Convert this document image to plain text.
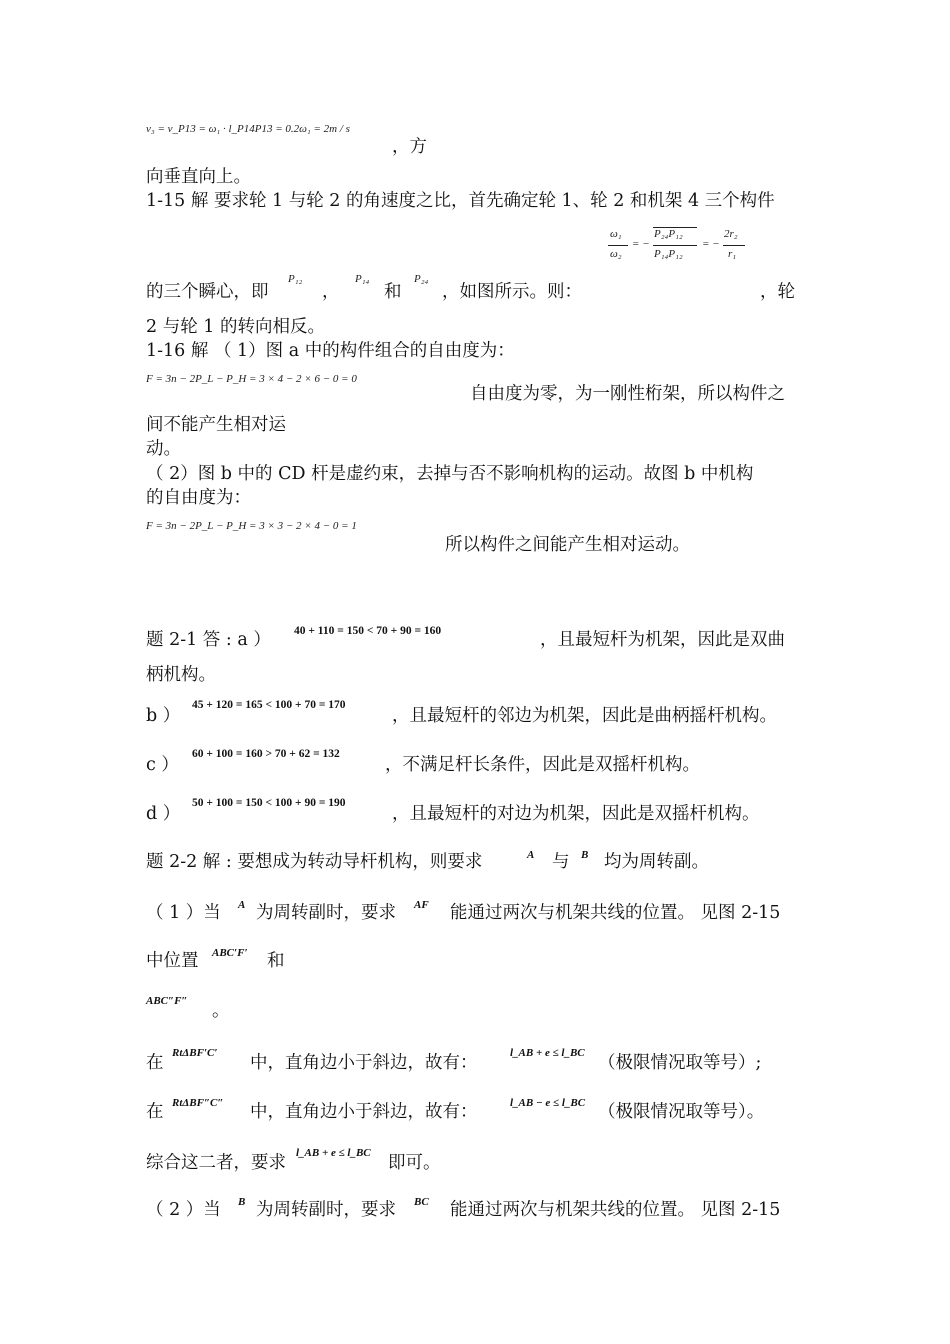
v₃ = v_P13 = ω₁ · l_P14P13 = 0.2ω₁ = 2m / s
，方
向垂直向上。
1-15 解 要求轮 1 与轮 2 的角速度之比，首先确定轮 1、轮 2 和机架 4 三个构件
ω₁
ω₂
= −
P₂₄P₁₂
P₁₄P₁₂
= −
2r₂
r₁
的三个瞬心，即
P₁₂
，
P₁₄
和
P₂₄
，如图所示。则：	，轮
2 与轮 1 的转向相反。
1-16 解 （ 1）图 a 中的构件组合的自由度为：
F = 3n − 2P_L − P_H = 3 × 4 − 2 × 6 − 0 = 0
自由度为零，为一刚性桁架，所以构件之
间不能产生相对运
动。
（ 2）图 b 中的 CD 杆是虚约束，去掉与否不影响机构的运动。故图 b 中机构
的自由度为：
F = 3n − 2P_L − P_H = 3 × 3 − 2 × 4 − 0 = 1
所以构件之间能产生相对运动。
题 2-1 答 : a ） 40 + 110 = 150 < 70 + 90 = 160	，且最短杆为机架，因此是双曲
柄机构。
b ）
45 + 120 = 165 < 100 + 70 = 170
，且最短杆的邻边为机架，因此是曲柄摇杆机构。
c ）
60 + 100 = 160 > 70 + 62 = 132
，不满足杆长条件，因此是双摇杆机构。
d ）
50 + 100 = 150 < 100 + 90 = 190
，且最短杆的对边为机架，因此是双摇杆机构。
题 2-2 解 : 要想成为转动导杆机构，则要求	A 与 B 均为周转副。
（ 1 ）当 A 为周转副时，要求 AF 能通过两次与机架共线的位置。 见图 2-15
中位置 ABC′F′ 和
ABC″F″ 。
在 RtΔBF′C′ 中，直角边小于斜边，故有：	l_AB + e ≤ l_BC （极限情况取等号）;
在 RtΔBF″C″ 中，直角边小于斜边，故有：	l_AB − e ≤ l_BC （极限情况取等号）。
综合这二者，要求 l_AB + e ≤ l_BC 即可。
（ 2 ）当 B 为周转副时，要求 BC 能通过两次与机架共线的位置。 见图 2-15
